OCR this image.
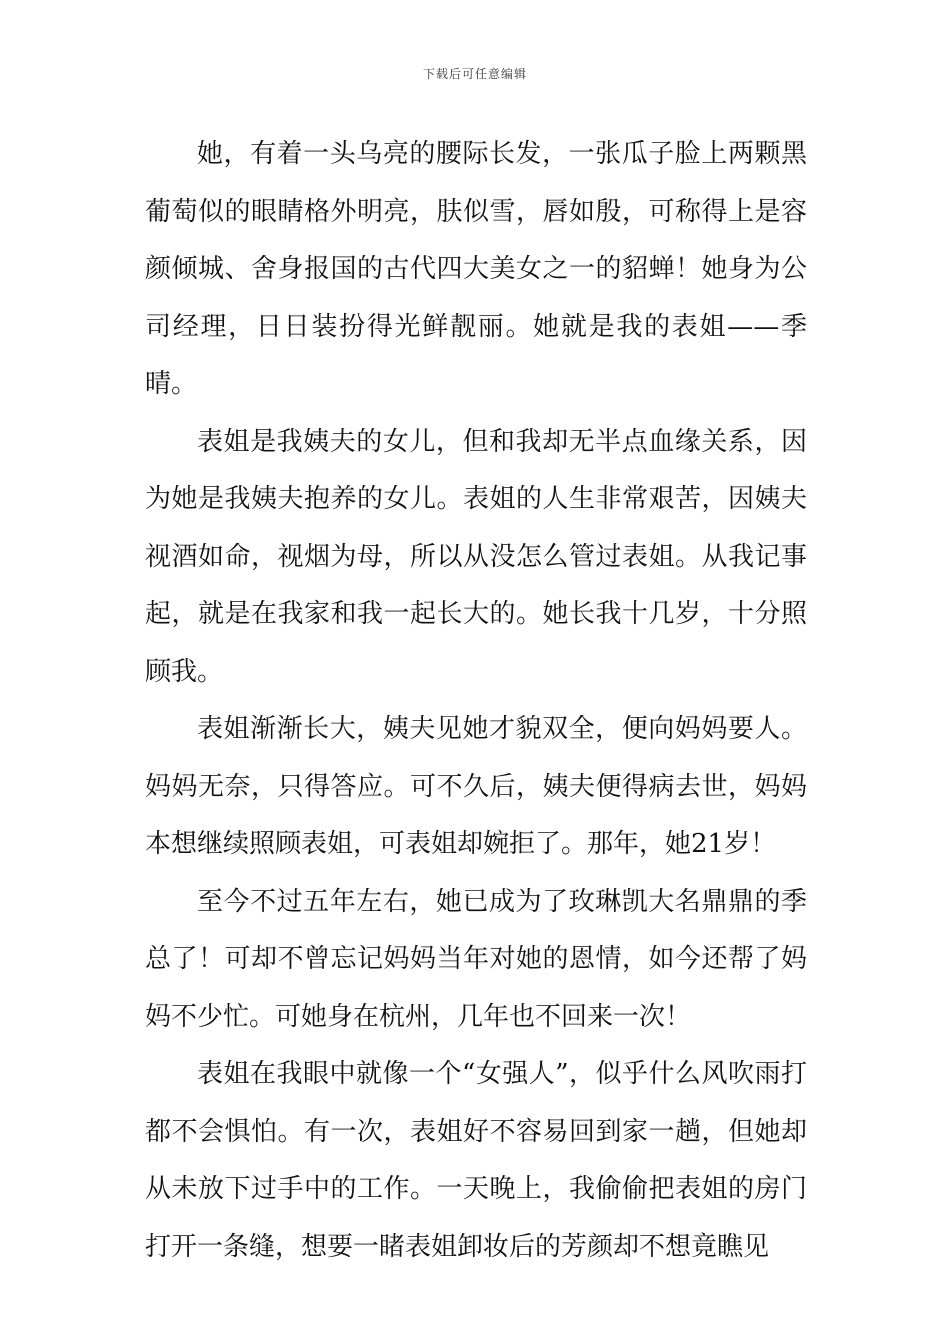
下载后可任意编辑

她，有着一头乌亮的腰际长发，一张瓜子脸上两颗黑葡萄似的眼睛格外明亮，肤似雪，唇如殷，可称得上是容颜倾城、舍身报国的古代四大美女之一的貂蝉！她身为公司经理，日日装扮得光鲜靓丽。她就是我的表姐——季晴。

表姐是我姨夫的女儿，但和我却无半点血缘关系，因为她是我姨夫抱养的女儿。表姐的人生非常艰苦，因姨夫视酒如命，视烟为母，所以从没怎么管过表姐。从我记事起，就是在我家和我一起长大的。她长我十几岁，十分照顾我。

表姐渐渐长大，姨夫见她才貌双全，便向妈妈要人。妈妈无奈，只得答应。可不久后，姨夫便得病去世，妈妈本想继续照顾表姐，可表姐却婉拒了。那年，她21岁！

至今不过五年左右，她已成为了玫琳凯大名鼎鼎的季总了！可却不曾忘记妈妈当年对她的恩情，如今还帮了妈妈不少忙。可她身在杭州，几年也不回来一次！

表姐在我眼中就像一个“女强人”，似乎什么风吹雨打都不会惧怕。有一次，表姐好不容易回到家一趟，但她却从未放下过手中的工作。一天晚上，我偷偷把表姐的房门打开一条缝，想要一睹表姐卸妆后的芳颜却不想竟瞧见
